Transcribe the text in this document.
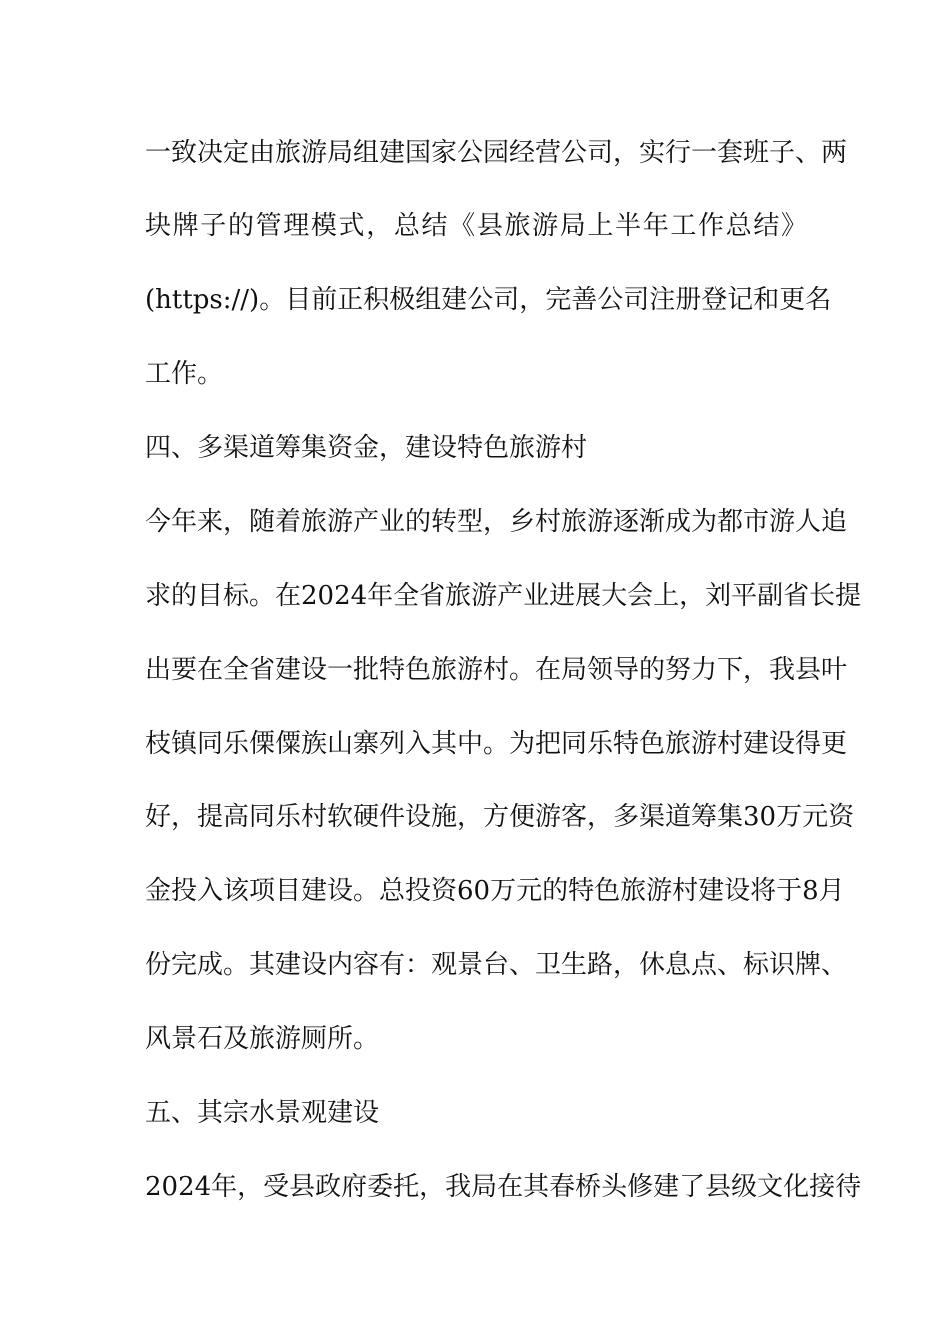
一致决定由旅游局组建国家公园经营公司，实行一套班子、两

块牌子的管理模式，总结《县旅游局上半年工作总结》

(https://)。目前正积极组建公司，完善公司注册登记和更名

工作。

四、多渠道筹集资金，建设特色旅游村

今年来，随着旅游产业的转型，乡村旅游逐渐成为都市游人追

求的目标。在2024年全省旅游产业进展大会上，刘平副省长提

出要在全省建设一批特色旅游村。在局领导的努力下，我县叶

枝镇同乐傈僳族山寨列入其中。为把同乐特色旅游村建设得更

好，提高同乐村软硬件设施，方便游客，多渠道筹集30万元资

金投入该项目建设。总投资60万元的特色旅游村建设将于8月

份完成。其建设内容有：观景台、卫生路，休息点、标识牌、

风景石及旅游厕所。

五、其宗水景观建设

2024年，受县政府委托，我局在其春桥头修建了县级文化接待
